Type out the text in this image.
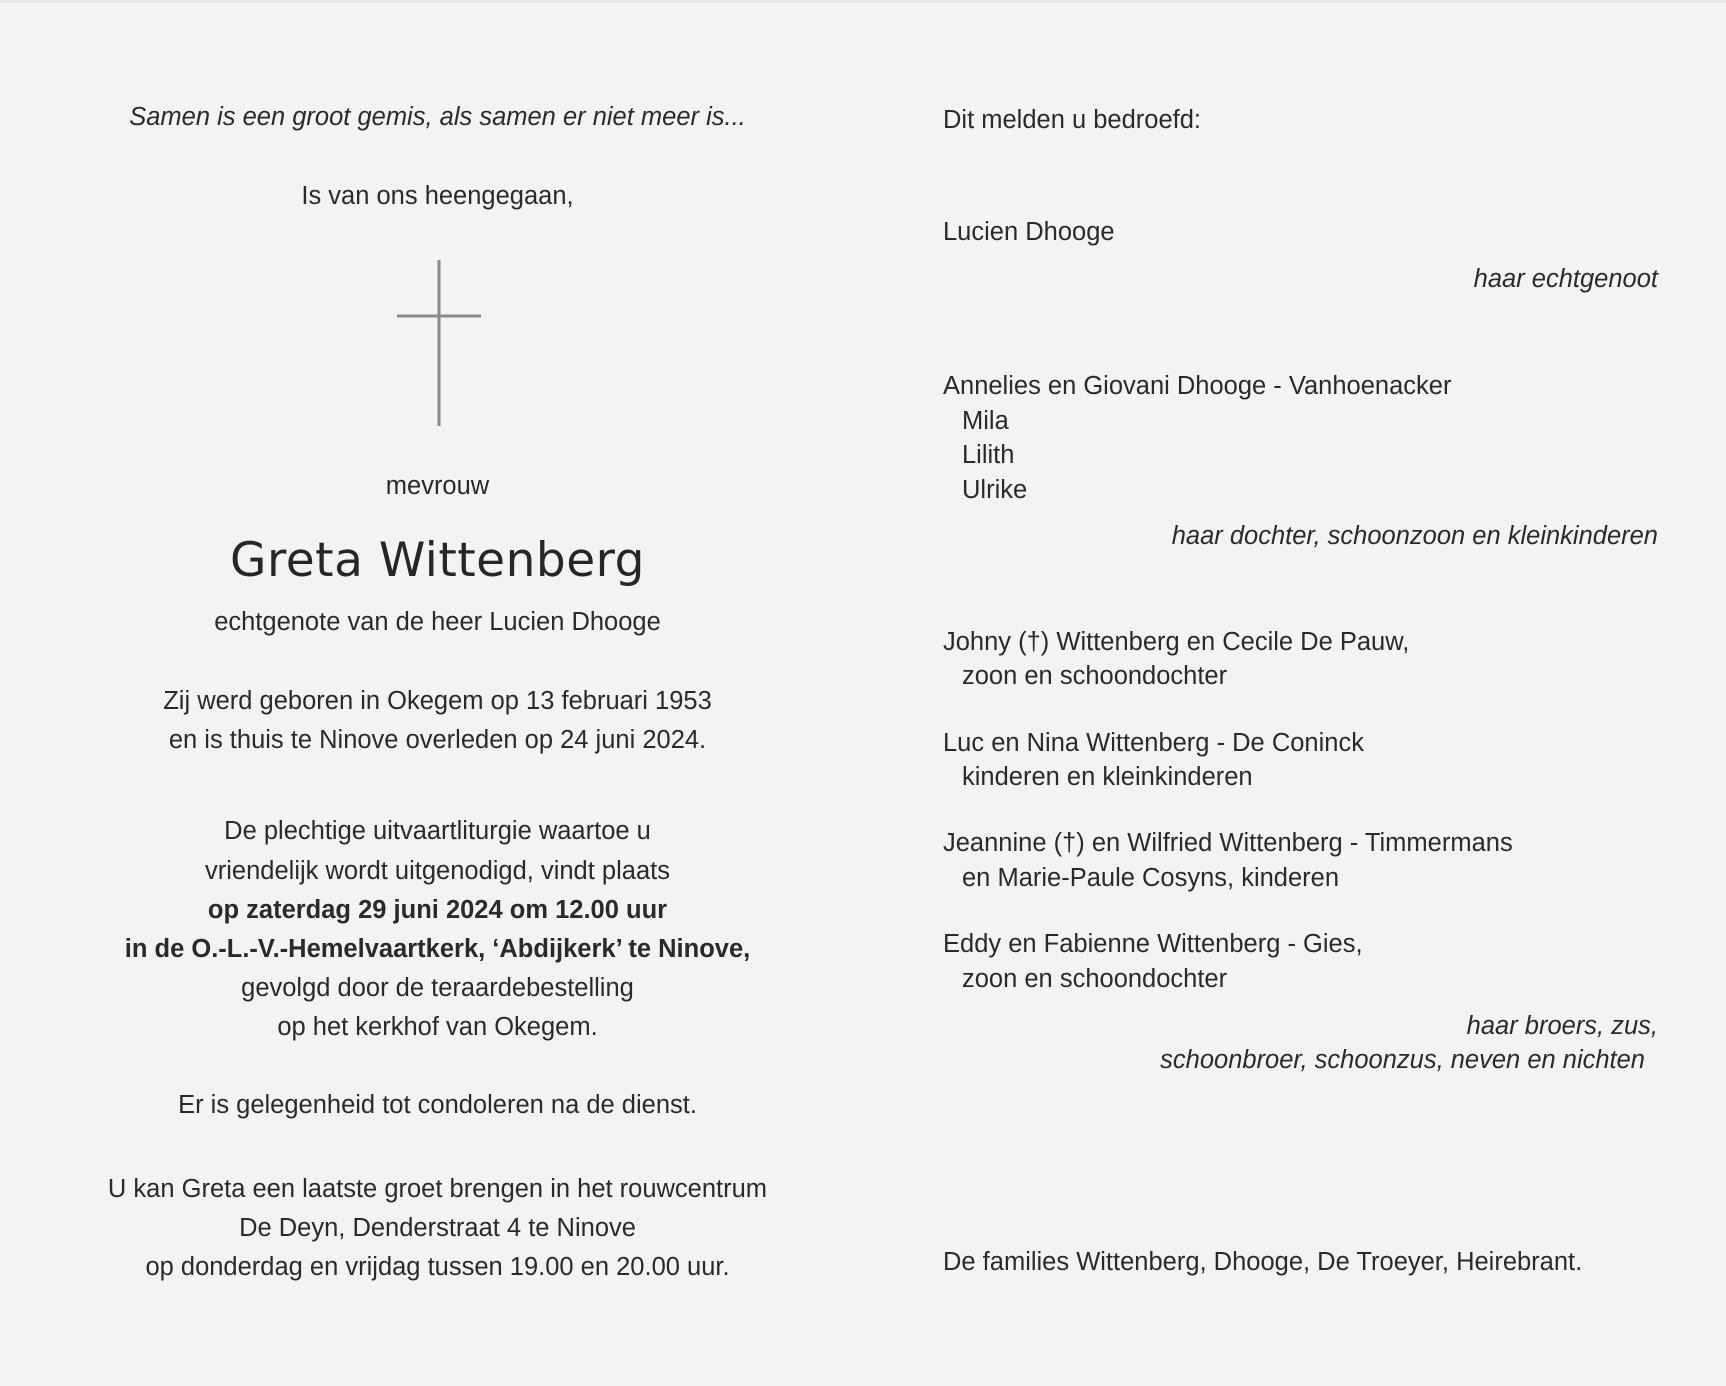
Samen is een groot gemis, als samen er niet meer is...
Is van ons heengegaan,
mevrouw
Greta Wittenberg
echtgenote van de heer Lucien Dhooge
Zij werd geboren in Okegem op 13 februari 1953
en is thuis te Ninove overleden op 24 juni 2024.
De plechtige uitvaartliturgie waartoe u
vriendelijk wordt uitgenodigd, vindt plaats
op zaterdag 29 juni 2024 om 12.00 uur
in de O.-L.-V.-Hemelvaartkerk, ‘Abdijkerk’ te Ninove,
gevolgd door de teraardebestelling
op het kerkhof van Okegem.
Er is gelegenheid tot condoleren na de dienst.
U kan Greta een laatste groet brengen in het rouwcentrum
De Deyn, Denderstraat 4 te Ninove
op donderdag en vrijdag tussen 19.00 en 20.00 uur.
Dit melden u bedroefd:
Lucien Dhooge
haar echtgenoot
Annelies en Giovani Dhooge - Vanhoenacker
Mila
Lilith
Ulrike
haar dochter, schoonzoon en kleinkinderen
Johny (†) Wittenberg en Cecile De Pauw,
zoon en schoondochter
Luc en Nina Wittenberg - De Coninck
kinderen en kleinkinderen
Jeannine (†) en Wilfried Wittenberg - Timmermans
en Marie-Paule Cosyns, kinderen
Eddy en Fabienne Wittenberg - Gies,
zoon en schoondochter
haar broers, zus,
schoonbroer, schoonzus, neven en nichten
De families Wittenberg, Dhooge, De Troeyer, Heirebrant.
